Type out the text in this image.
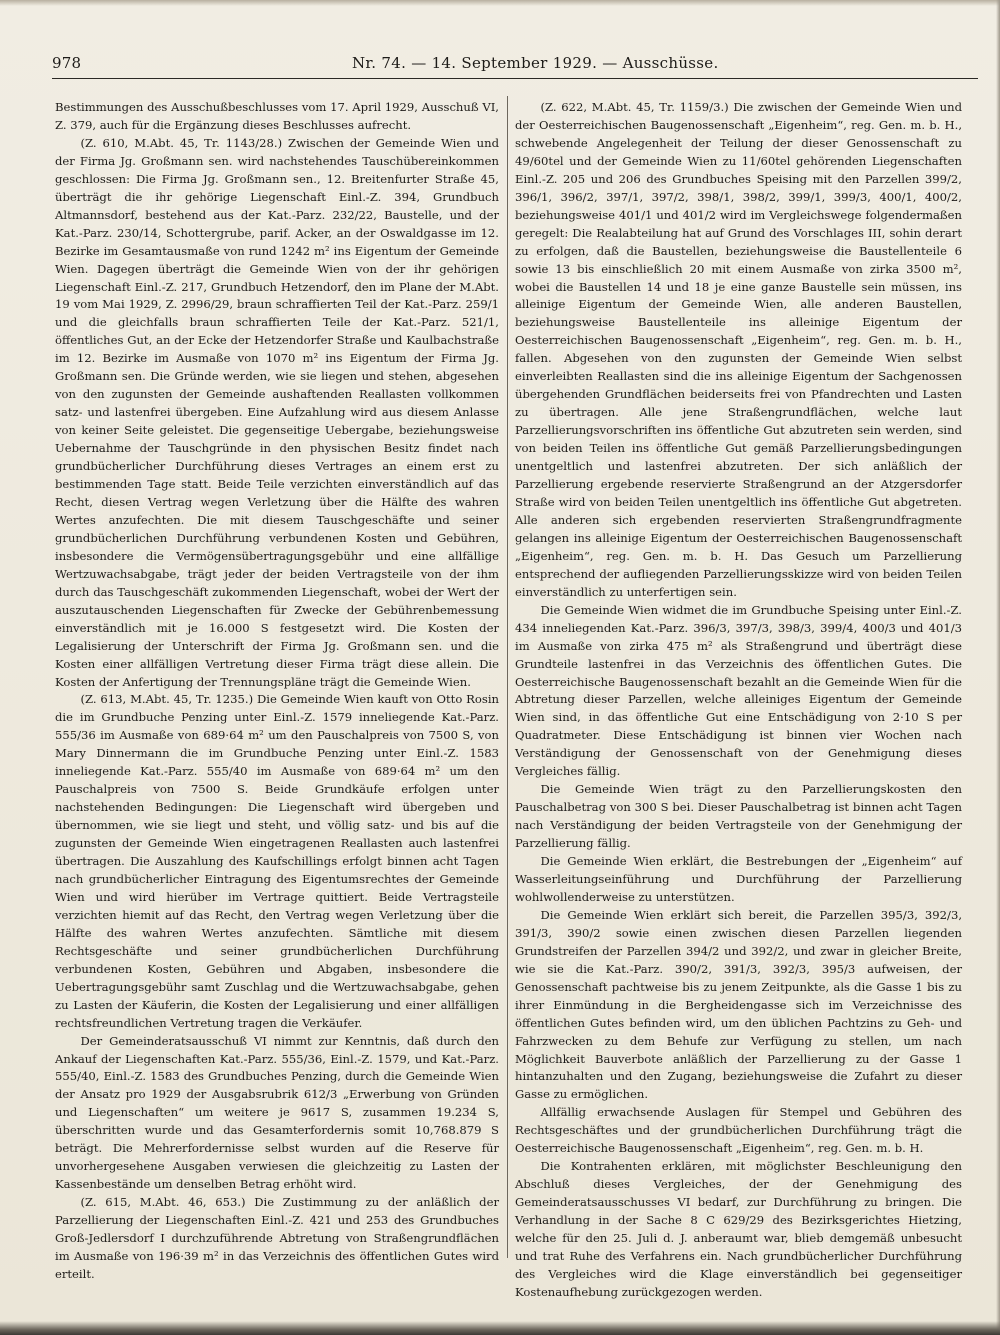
978	Nr. 74. — 14. September 1929. — Ausschüsse.

Bestimmungen des Ausschußbeschlusses vom 17. April 1929, Ausschuß VI, Z. 379, auch für die Ergänzung dieses Beschlusses aufrecht.

(Z. 610, M.Abt. 45, Tr. 1143/28.) Zwischen der Gemeinde Wien und der Firma Jg. Großmann sen. wird nachstehendes Tauschübereinkommen geschlossen: Die Firma Jg. Großmann sen., 12. Breitenfurter Straße 45, überträgt die ihr gehörige Liegenschaft Einl.-Z. 394, Grundbuch Altmannsdorf, bestehend aus der Kat.-Parz. 232/22, Baustelle, und der Kat.-Parz. 230/14, Schottergrube, parif. Acker, an der Oswaldgasse im 12. Bezirke im Gesamtausmaße von rund 1242 m² ins Eigentum der Gemeinde Wien. Dagegen überträgt die Gemeinde Wien von der ihr gehörigen Liegenschaft Einl.-Z. 217, Grundbuch Hetzendorf, den im Plane der M.Abt. 19 vom Mai 1929, Z. 2996/29, braun schraffierten Teil der Kat.-Parz. 259/1 und die gleichfalls braun schraffierten Teile der Kat.-Parz. 521/1, öffentliches Gut, an der Ecke der Hetzendorfer Straße und Kaulbachstraße im 12. Bezirke im Ausmaße von 1070 m² ins Eigentum der Firma Jg. Großmann sen. Die Gründe werden, wie sie liegen und stehen, abgesehen von den zugunsten der Gemeinde aushaftenden Reallasten vollkommen satz- und lastenfrei übergeben. Eine Aufzahlung wird aus diesem Anlasse von keiner Seite geleistet. Die gegenseitige Uebergabe, beziehungsweise Uebernahme der Tauschgründe in den physischen Besitz findet nach grundbücherlicher Durchführung dieses Vertrages an einem erst zu bestimmenden Tage statt. Beide Teile verzichten einverständlich auf das Recht, diesen Vertrag wegen Verletzung über die Hälfte des wahren Wertes anzufechten. Die mit diesem Tauschgeschäfte und seiner grundbücherlichen Durchführung verbundenen Kosten und Gebühren, insbesondere die Vermögensübertragungsgebühr und eine allfällige Wertzuwachsabgabe, trägt jeder der beiden Vertragsteile von der ihm durch das Tauschgeschäft zukommenden Liegenschaft, wobei der Wert der auszutauschenden Liegenschaften für Zwecke der Gebührenbemessung einverständlich mit je 16.000 S festgesetzt wird. Die Kosten der Legalisierung der Unterschrift der Firma Jg. Großmann sen. und die Kosten einer allfälligen Vertretung dieser Firma trägt diese allein. Die Kosten der Anfertigung der Trennungspläne trägt die Gemeinde Wien.

(Z. 613, M.Abt. 45, Tr. 1235.) Die Gemeinde Wien kauft von Otto Rosin die im Grundbuche Penzing unter Einl.-Z. 1579 inneliegende Kat.-Parz. 555/36 im Ausmaße von 689·64 m² um den Pauschalpreis von 7500 S, von Mary Dinnermann die im Grundbuche Penzing unter Einl.-Z. 1583 inneliegende Kat.-Parz. 555/40 im Ausmaße von 689·64 m² um den Pauschalpreis von 7500 S. Beide Grundkäufe erfolgen unter nachstehenden Bedingungen: Die Liegenschaft wird übergeben und übernommen, wie sie liegt und steht, und völlig satz- und bis auf die zugunsten der Gemeinde Wien eingetragenen Reallasten auch lastenfrei übertragen. Die Auszahlung des Kaufschillings erfolgt binnen acht Tagen nach grundbücherlicher Eintragung des Eigentumsrechtes der Gemeinde Wien und wird hierüber im Vertrage quittiert. Beide Vertragsteile verzichten hiemit auf das Recht, den Vertrag wegen Verletzung über die Hälfte des wahren Wertes anzufechten. Sämtliche mit diesem Rechtsgeschäfte und seiner grundbücherlichen Durchführung verbundenen Kosten, Gebühren und Abgaben, insbesondere die Uebertragungsgebühr samt Zuschlag und die Wertzuwachsabgabe, gehen zu Lasten der Käuferin, die Kosten der Legalisierung und einer allfälligen rechtsfreundlichen Vertretung tragen die Verkäufer.

Der Gemeinderatsausschuß VI nimmt zur Kenntnis, daß durch den Ankauf der Liegenschaften Kat.-Parz. 555/36, Einl.-Z. 1579, und Kat.-Parz. 555/40, Einl.-Z. 1583 des Grundbuches Penzing, durch die Gemeinde Wien der Ansatz pro 1929 der Ausgabsrubrik 612/3 „Erwerbung von Gründen und Liegenschaften“ um weitere je 9617 S, zusammen 19.234 S, überschritten wurde und das Gesamterfordernis somit 10,768.879 S beträgt. Die Mehrerfordernisse selbst wurden auf die Reserve für unvorhergesehene Ausgaben verwiesen die gleichzeitig zu Lasten der Kassenbestände um denselben Betrag erhöht wird.

(Z. 615, M.Abt. 46, 653.) Die Zustimmung zu der anläßlich der Parzellierung der Liegenschaften Einl.-Z. 421 und 253 des Grundbuches Groß-Jedlersdorf I durchzuführende Abtretung von Straßengrundflächen im Ausmaße von 196·39 m² in das Verzeichnis des öffentlichen Gutes wird erteilt.

(Z. 622, M.Abt. 45, Tr. 1159/3.) Die zwischen der Gemeinde Wien und der Oesterreichischen Baugenossenschaft „Eigenheim“, reg. Gen. m. b. H., schwebende Angelegenheit der Teilung der dieser Genossenschaft zu 49/60tel und der Gemeinde Wien zu 11/60tel gehörenden Liegenschaften Einl.-Z. 205 und 206 des Grundbuches Speising mit den Parzellen 399/2, 396/1, 396/2, 397/1, 397/2, 398/1, 398/2, 399/1, 399/3, 400/1, 400/2, beziehungsweise 401/1 und 401/2 wird im Vergleichswege folgendermaßen geregelt: Die Realabteilung hat auf Grund des Vorschlages III, sohin derart zu erfolgen, daß die Baustellen, beziehungsweise die Baustellenteile 6 sowie 13 bis einschließlich 20 mit einem Ausmaße von zirka 3500 m², wobei die Baustellen 14 und 18 je eine ganze Baustelle sein müssen, ins alleinige Eigentum der Gemeinde Wien, alle anderen Baustellen, beziehungsweise Baustellenteile ins alleinige Eigentum der Oesterreichischen Baugenossenschaft „Eigenheim“, reg. Gen. m. b. H., fallen. Abgesehen von den zugunsten der Gemeinde Wien selbst einverleibten Reallasten sind die ins alleinige Eigentum der Sachgenossen übergehenden Grundflächen beiderseits frei von Pfandrechten und Lasten zu übertragen. Alle jene Straßengrundflächen, welche laut Parzellierungsvorschriften ins öffentliche Gut abzutreten sein werden, sind von beiden Teilen ins öffentliche Gut gemäß Parzellierungsbedingungen unentgeltlich und lastenfrei abzutreten. Der sich anläßlich der Parzellierung ergebende reservierte Straßengrund an der Atzgersdorfer Straße wird von beiden Teilen unentgeltlich ins öffentliche Gut abgetreten. Alle anderen sich ergebenden reservierten Straßengrundfragmente gelangen ins alleinige Eigentum der Oesterreichischen Baugenossenschaft „Eigenheim“, reg. Gen. m. b. H. Das Gesuch um Parzellierung entsprechend der aufliegenden Parzellierungsskizze wird von beiden Teilen einverständlich zu unterfertigen sein.

Die Gemeinde Wien widmet die im Grundbuche Speising unter Einl.-Z. 434 inneliegenden Kat.-Parz. 396/3, 397/3, 398/3, 399/4, 400/3 und 401/3 im Ausmaße von zirka 475 m² als Straßengrund und überträgt diese Grundteile lastenfrei in das Verzeichnis des öffentlichen Gutes. Die Oesterreichische Baugenossenschaft bezahlt an die Gemeinde Wien für die Abtretung dieser Parzellen, welche alleiniges Eigentum der Gemeinde Wien sind, in das öffentliche Gut eine Entschädigung von 2·10 S per Quadratmeter. Diese Entschädigung ist binnen vier Wochen nach Verständigung der Genossenschaft von der Genehmigung dieses Vergleiches fällig.

Die Gemeinde Wien trägt zu den Parzellierungskosten den Pauschalbetrag von 300 S bei. Dieser Pauschalbetrag ist binnen acht Tagen nach Verständigung der beiden Vertragsteile von der Genehmigung der Parzellierung fällig.

Die Gemeinde Wien erklärt, die Bestrebungen der „Eigenheim“ auf Wasserleitungseinführung und Durchführung der Parzellierung wohlwollenderweise zu unterstützen.

Die Gemeinde Wien erklärt sich bereit, die Parzellen 395/3, 392/3, 391/3, 390/2 sowie einen zwischen diesen Parzellen liegenden Grundstreifen der Parzellen 394/2 und 392/2, und zwar in gleicher Breite, wie sie die Kat.-Parz. 390/2, 391/3, 392/3, 395/3 aufweisen, der Genossenschaft pachtweise bis zu jenem Zeitpunkte, als die Gasse 1 bis zu ihrer Einmündung in die Bergheidengasse sich im Verzeichnisse des öffentlichen Gutes befinden wird, um den üblichen Pachtzins zu Geh- und Fahrzwecken zu dem Behufe zur Verfügung zu stellen, um nach Möglichkeit Bauverbote anläßlich der Parzellierung zu der Gasse 1 hintanzuhalten und den Zugang, beziehungsweise die Zufahrt zu dieser Gasse zu ermöglichen.

Allfällig erwachsende Auslagen für Stempel und Gebühren des Rechtsgeschäftes und der grundbücherlichen Durchführung trägt die Oesterreichische Baugenossenschaft „Eigenheim“, reg. Gen. m. b. H.

Die Kontrahenten erklären, mit möglichster Beschleunigung den Abschluß dieses Vergleiches, der der Genehmigung des Gemeinderatsausschusses VI bedarf, zur Durchführung zu bringen. Die Verhandlung in der Sache 8 C 629/29 des Bezirksgerichtes Hietzing, welche für den 25. Juli d. J. anberaumt war, blieb demgemäß unbesucht und trat Ruhe des Verfahrens ein. Nach grundbücherlicher Durchführung des Vergleiches wird die Klage einverständlich bei gegenseitiger Kostenaufhebung zurückgezogen werden.
